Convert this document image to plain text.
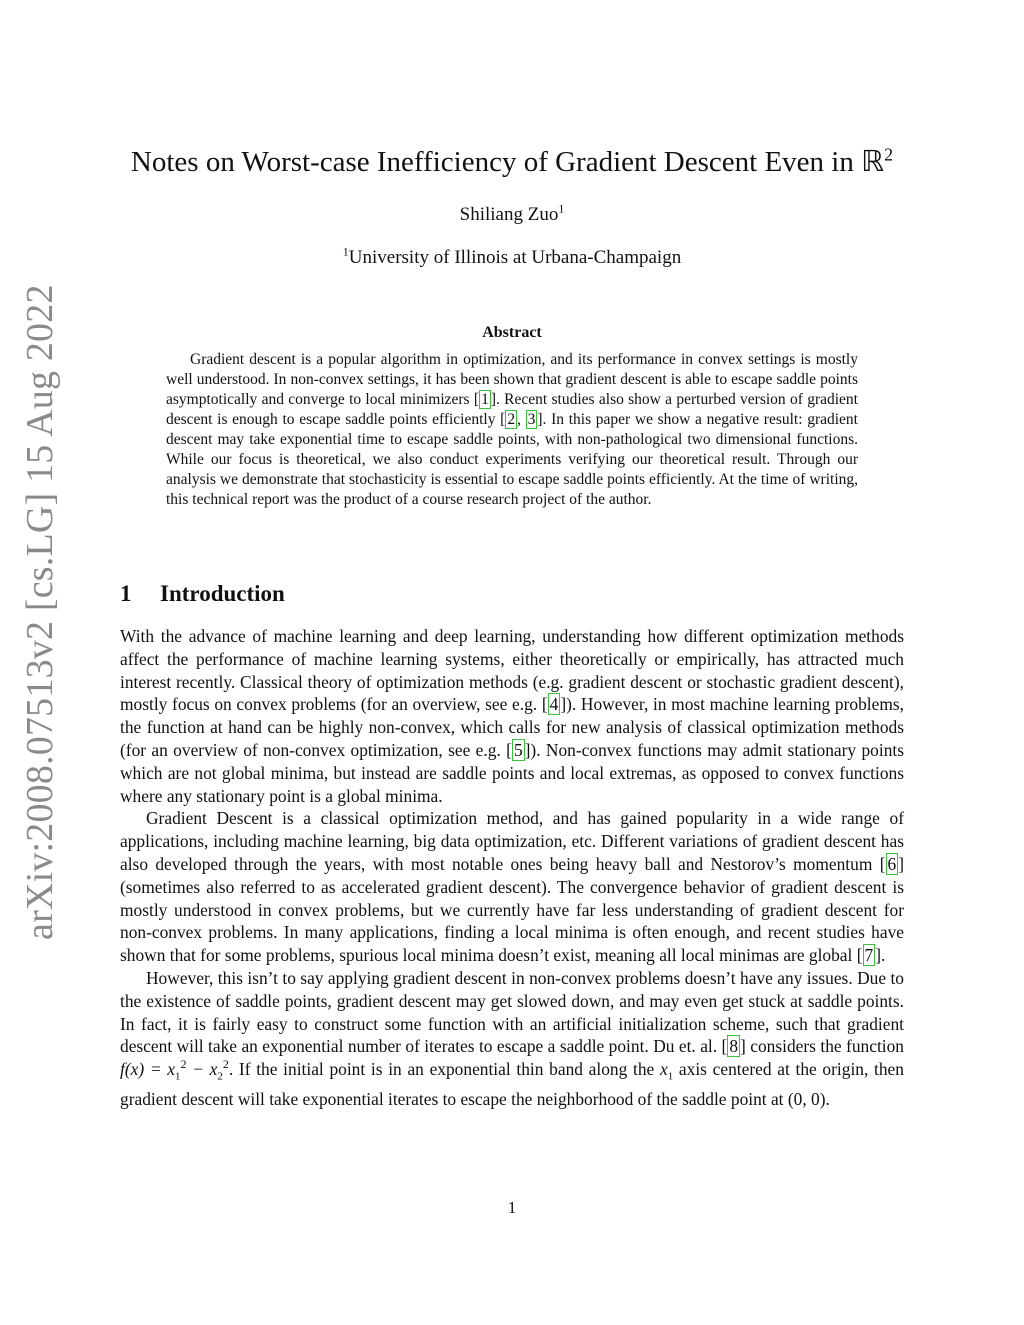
arXiv:2008.07513v2 [cs.LG] 15 Aug 2022
Notes on Worst-case Inefficiency of Gradient Descent Even in ℝ$^2$
Shiliang Zuo$^1$
$^1$University of Illinois at Urbana-Champaign
Abstract
Gradient descent is a popular algorithm in optimization, and its performance in convex settings is mostly well understood. In non-convex settings, it has been shown that gradient descent is able to escape saddle points asymptotically and converge to local minimizers [ 1 ]. Recent studies also show a perturbed version of gradient descent is enough to escape saddle points efficiently [ 2 , 3 ]. In this paper we show a negative result: gradient descent may take exponential time to escape saddle points, with non-pathological two dimensional functions. While our focus is theoretical, we also conduct experiments verifying our theoretical result. Through our analysis we demonstrate that stochasticity is essential to escape saddle points efficiently. At the time of writing, this technical report was the product of a course research project of the author.
1 Introduction

With the advance of machine learning and deep learning, understanding how different optimization methods affect the performance of machine learning systems, either theoretically or empirically, has attracted much interest recently. Classical theory of optimization methods (e.g. gradient descent or stochastic gradient descent), mostly focus on convex problems (for an overview, see e.g. [ 4 ]). However, in most machine learning problems, the function at hand can be highly non-convex, which calls for new analysis of classical optimization methods (for an overview of non-convex optimization, see e.g. [ 5 ]). Non-convex functions may admit stationary points which are not global minima, but instead are saddle points and local extremas, as opposed to convex functions where any stationary point is a global minima.

Gradient Descent is a classical optimization method, and has gained popularity in a wide range of applications, including machine learning, big data optimization, etc. Different variations of gradient descent has also developed through the years, with most notable ones being heavy ball and Nestorov’s momentum [ 6 ] (sometimes also referred to as accelerated gradient descent). The convergence behavior of gradient descent is mostly understood in convex problems, but we currently have far less understanding of gradient descent for non-convex problems. In many applications, finding a local minima is often enough, and recent studies have shown that for some problems, spurious local minima doesn’t exist, meaning all local minimas are global [ 7 ].

However, this isn’t to say applying gradient descent in non-convex problems doesn’t have any issues. Due to the existence of saddle points, gradient descent may get slowed down, and may even get stuck at saddle points. In fact, it is fairly easy to construct some function with an artificial initialization scheme, such that gradient descent will take an exponential number of iterates to escape a saddle point. Du et. al. [ 8 ] considers the function $f(x) = x_1^2 - x_2^2$. If the initial point is in an exponential thin band along the $x_1$ axis centered at the origin, then gradient descent will take exponential iterates to escape the neighborhood of the saddle point at (0, 0).

1
